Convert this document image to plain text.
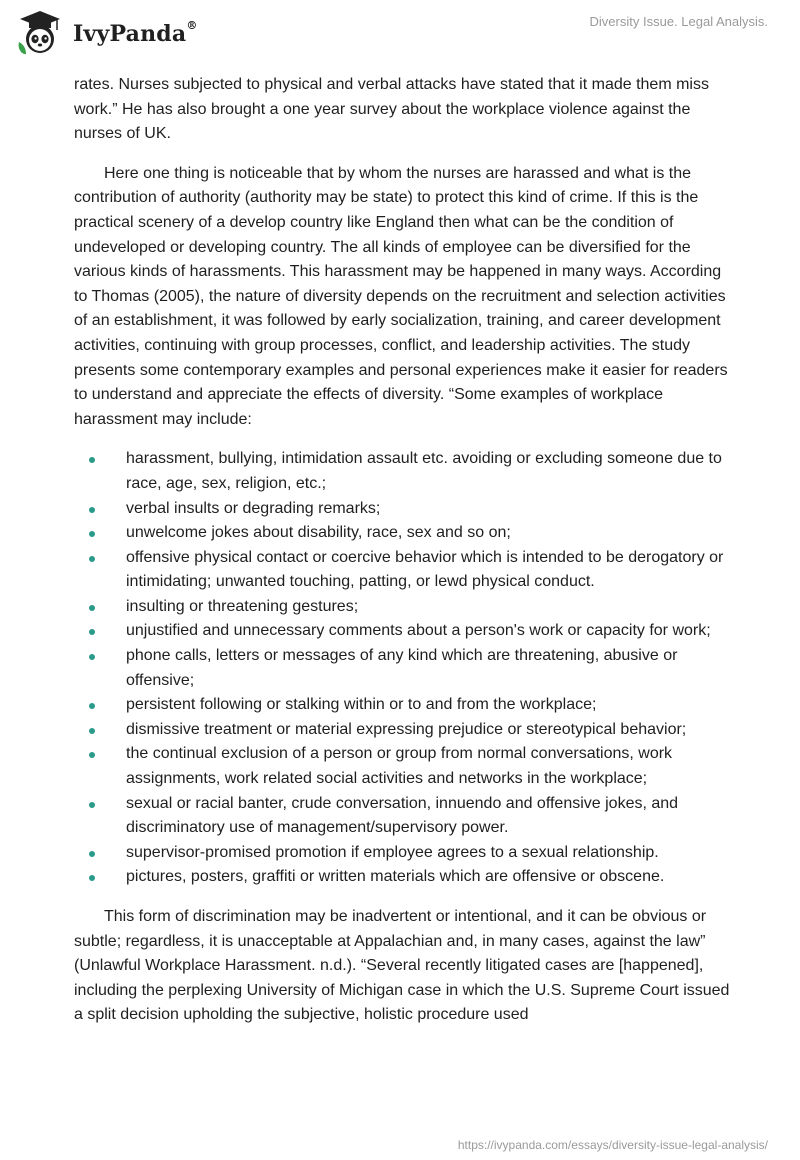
IvyPanda®	Diversity Issue. Legal Analysis.

rates. Nurses subjected to physical and verbal attacks have stated that it made them miss work.” He has also brought a one year survey about the workplace violence against the nurses of UK.

Here one thing is noticeable that by whom the nurses are harassed and what is the contribution of authority (authority may be state) to protect this kind of crime. If this is the practical scenery of a develop country like England then what can be the condition of undeveloped or developing country. The all kinds of employee can be diversified for the various kinds of harassments. This harassment may be happened in many ways. According to Thomas (2005), the nature of diversity depends on the recruitment and selection activities of an establishment, it was followed by early socialization, training, and career development activities, continuing with group processes, conflict, and leadership activities. The study presents some contemporary examples and personal experiences make it easier for readers to understand and appreciate the effects of diversity. “Some examples of workplace harassment may include:

harassment, bullying, intimidation assault etc. avoiding or excluding someone due to race, age, sex, religion, etc.;
verbal insults or degrading remarks;
unwelcome jokes about disability, race, sex and so on;
offensive physical contact or coercive behavior which is intended to be derogatory or intimidating; unwanted touching, patting, or lewd physical conduct.
insulting or threatening gestures;
unjustified and unnecessary comments about a person's work or capacity for work;
phone calls, letters or messages of any kind which are threatening, abusive or offensive;
persistent following or stalking within or to and from the workplace;
dismissive treatment or material expressing prejudice or stereotypical behavior;
the continual exclusion of a person or group from normal conversations, work assignments, work related social activities and networks in the workplace;
sexual or racial banter, crude conversation, innuendo and offensive jokes, and discriminatory use of management/supervisory power.
supervisor-promised promotion if employee agrees to a sexual relationship.
pictures, posters, graffiti or written materials which are offensive or obscene.

This form of discrimination may be inadvertent or intentional, and it can be obvious or subtle; regardless, it is unacceptable at Appalachian and, in many cases, against the law” (Unlawful Workplace Harassment. n.d.). “Several recently litigated cases are [happened], including the perplexing University of Michigan case in which the U.S. Supreme Court issued a split decision upholding the subjective, holistic procedure used

https://ivypanda.com/essays/diversity-issue-legal-analysis/
